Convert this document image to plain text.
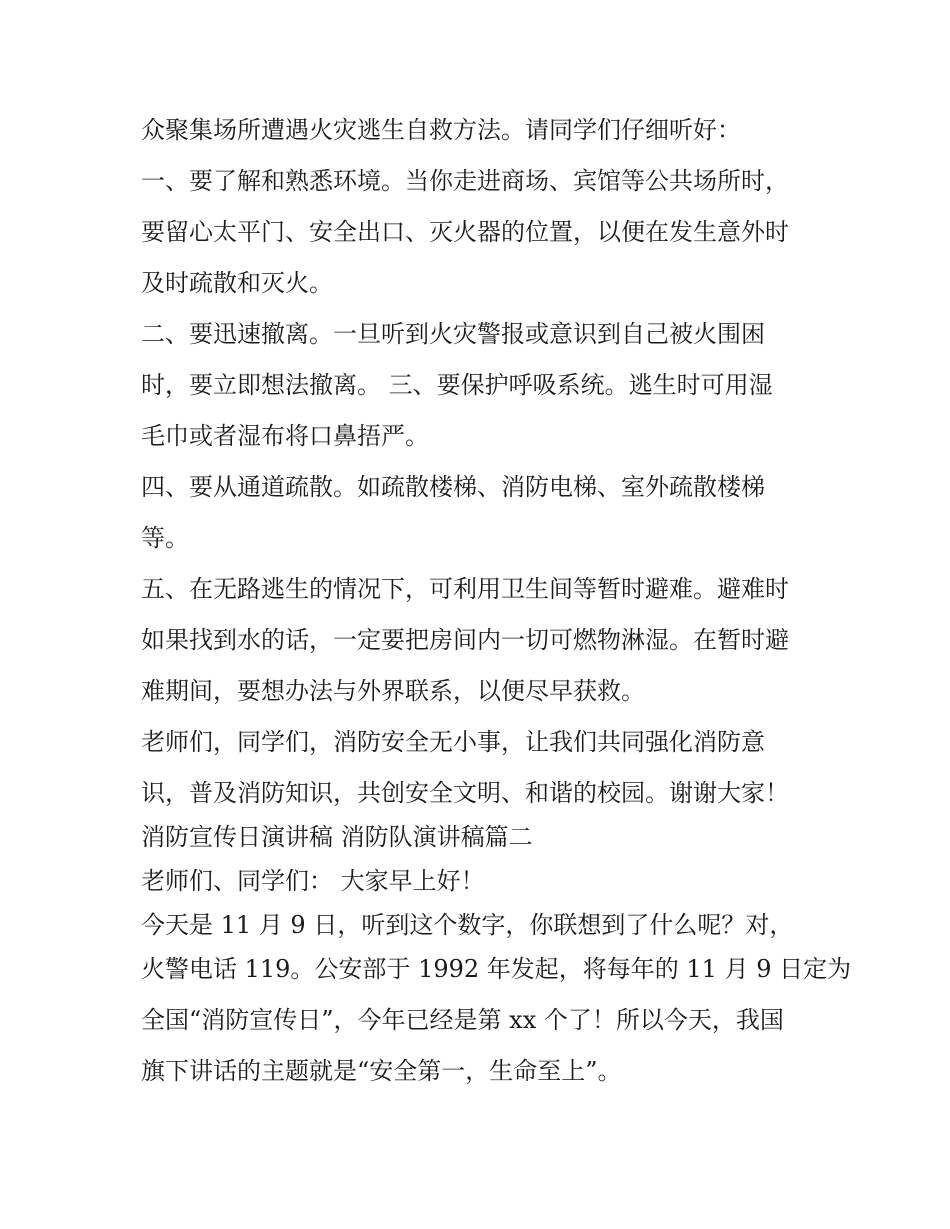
众聚集场所遭遇火灾逃生自救方法。请同学们仔细听好：
一、要了解和熟悉环境。当你走进商场、宾馆等公共场所时，
要留心太平门、安全出口、灭火器的位置，以便在发生意外时
及时疏散和灭火。
二、要迅速撤离。一旦听到火灾警报或意识到自己被火围困
时，要立即想法撤离。 三、要保护呼吸系统。逃生时可用湿
毛巾或者湿布将口鼻捂严。
四、要从通道疏散。如疏散楼梯、消防电梯、室外疏散楼梯
等。
五、在无路逃生的情况下，可利用卫生间等暂时避难。避难时
如果找到水的话，一定要把房间内一切可燃物淋湿。在暂时避
难期间，要想办法与外界联系，以便尽早获救。
老师们，同学们，消防安全无小事，让我们共同强化消防意
识，普及消防知识，共创安全文明、和谐的校园。谢谢大家！
消防宣传日演讲稿 消防队演讲稿篇二
老师们、同学们： 大家早上好！
今天是 11 月 9 日，听到这个数字，你联想到了什么呢？对，
火警电话 119。公安部于 1992 年发起，将每年的 11 月 9 日定为
全国“消防宣传日”，今年已经是第 xx 个了！所以今天，我国
旗下讲话的主题就是“安全第一，生命至上”。
